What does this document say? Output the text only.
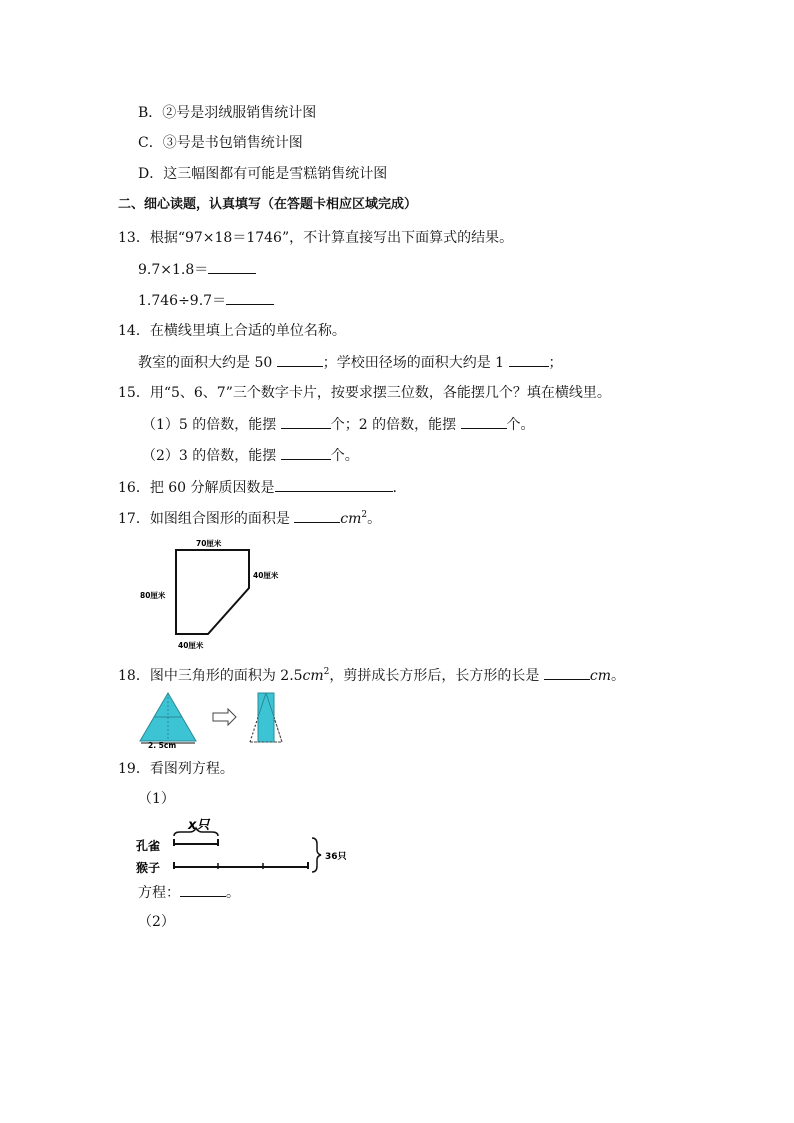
B．②号是羽绒服销售统计图
C．③号是书包销售统计图
D．这三幅图都有可能是雪糕销售统计图
二、细心读题，认真填写（在答题卡相应区域完成）
13．根据“97×18＝1746”，不计算直接写出下面算式的结果。
9.7×1.8＝
1.746÷9.7＝
14．在横线里填上合适的单位名称。
教室的面积大约是 50	；学校田径场的面积大约是 1	；
15．用“5、6、7”三个数字卡片，按要求摆三位数，各能摆几个？填在横线里。
（1）5 的倍数，能摆	个；2 的倍数，能摆	个。
（2）3 的倍数，能摆	个。
16．把 60 分解质因数是	.
17．如图组合图形的面积是	$cm^2$。
70厘米
40厘米
80厘米
40厘米
18．图中三角形的面积为 $2.5cm^2$，剪拼成长方形后，长方形的长是	cm。
2. 5cm
19．看图列方程。
（1）
x只
孔雀
猴子
36只
方程：	。
（2）
